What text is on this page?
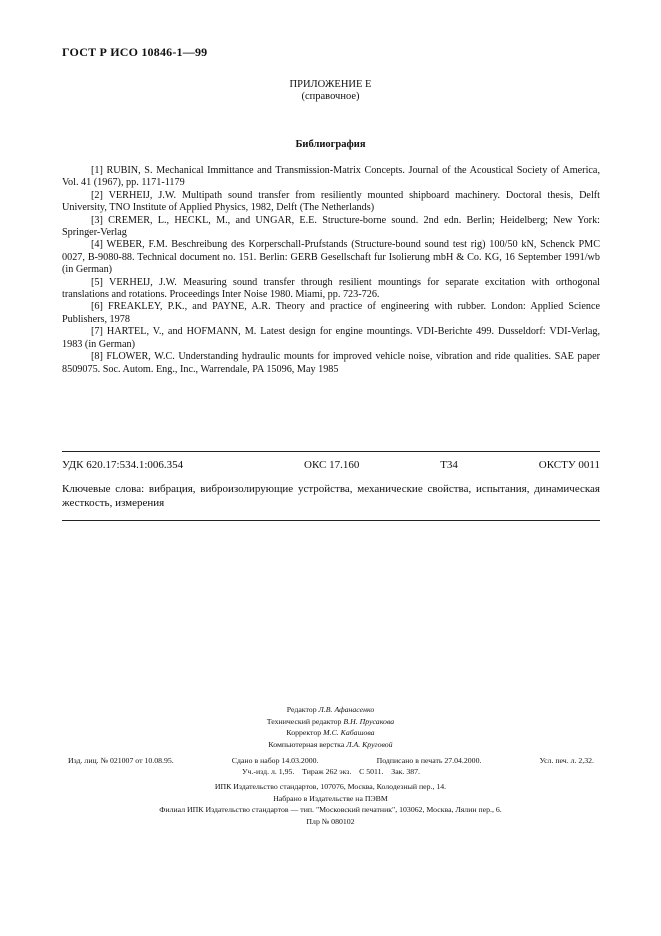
ГОСТ Р ИСО 10846-1—99
ПРИЛОЖЕНИЕ Е
(справочное)
Библиография

[1] RUBIN, S. Mechanical Immittance and Transmission-Matrix Concepts. Journal of the Acoustical Society of America, Vol. 41 (1967), pp. 1171-1179

[2] VERHEIJ, J.W. Multipath sound transfer from resiliently mounted shipboard machinery. Doctoral thesis, Delft University, TNO Institute of Applied Physics, 1982, Delft (The Netherlands)

[3] CREMER, L., HECKL, M., and UNGAR, E.E. Structure-borne sound. 2nd edn. Berlin; Heidelberg; New York: Springer-Verlag

[4] WEBER, F.M. Beschreibung des Korperschall-Prufstands (Structure-bound sound test rig) 100/50 kN, Schenck PMC 0027, B-9080-88. Technical document no. 151. Berlin: GERB Gesellschaft fur Isolierung mbH & Co. KG, 16 September 1991/wb (in German)

[5] VERHEIJ, J.W. Measuring sound transfer through resilient mountings for separate excitation with orthogonal translations and rotations. Proceedings Inter Noise 1980. Miami, pp. 723-726.

[6] FREAKLEY, P.K., and PAYNE, A.R. Theory and practice of engineering with rubber. London: Applied Science Publishers, 1978

[7] HARTEL, V., and HOFMANN, M. Latest design for engine mountings. VDI-Berichte 499. Dusseldorf: VDI-Verlag, 1983 (in German)

[8] FLOWER, W.C. Understanding hydraulic mounts for improved vehicle noise, vibration and ride qualities. SAE paper 8509075. Soc. Autom. Eng., Inc., Warrendale, PA 15096, May 1985

УДК 620.17:534.1:006.354	ОКС 17.160	Т34	ОКСТУ 0011
Ключевые слова: вибрация, виброизолирующие устройства, механические свойства, испытания, динамическая жесткость, измерения
Редактор Л.В. Афанасенко
Технический редактор В.Н. Прусакова
Корректор М.С. Кабашова
Компьютерная верстка Л.А. Круговой
Изд. лиц. № 021007 от 10.08.95.	Сдано в набор 14.03.2000.	Подписано в печать 27.04.2000.	Усл. печ. л. 2,32.
Уч.-изд. л. 1,95.    Тираж 262 экз.    С 5011.    Зак. 387.
ИПК Издательство стандартов, 107076, Москва, Колодезный пер., 14.
Набрано в Издательстве на ПЭВМ
Филиал ИПК Издательство стандартов — тип. "Московский печатник", 103062, Москва, Лялин пер., 6.
Плр № 080102
